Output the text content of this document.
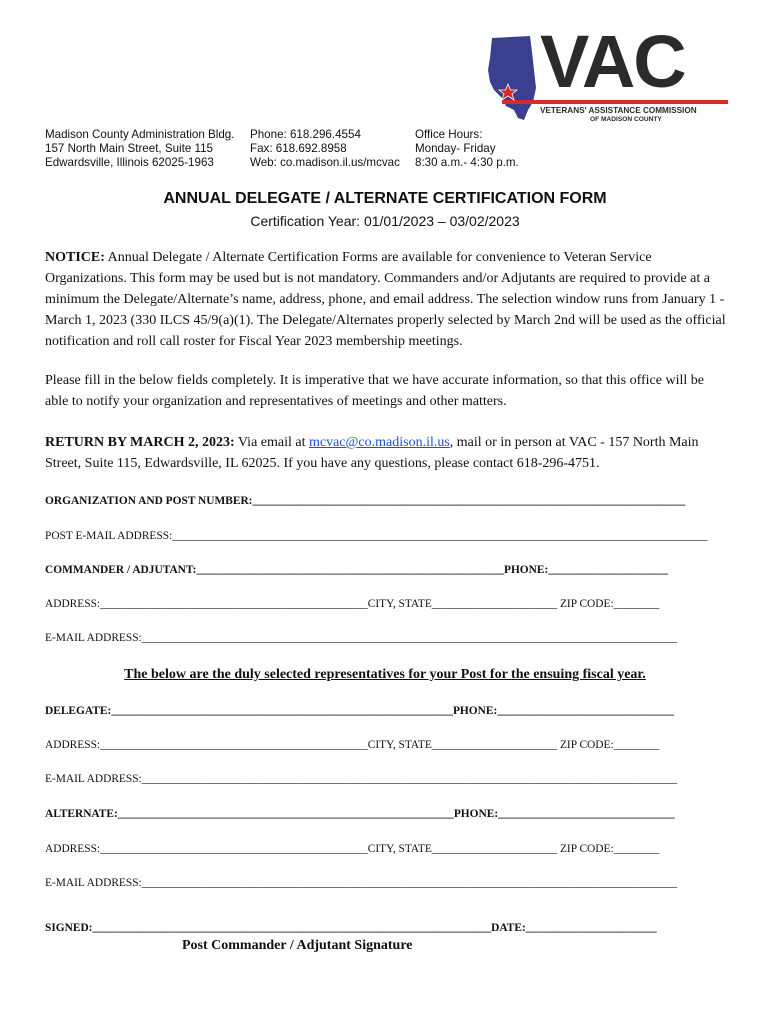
VAC
VETERANS' ASSISTANCE COMMISSION
OF MADISON COUNTY
Madison County Administration Bldg.
157 North Main Street, Suite 115
Edwardsville, Illinois 62025-1963
Phone: 618.296.4554
Fax: 618.692.8958
Web: co.madison.il.us/mcvac
Office Hours:
Monday- Friday
8:30 a.m.- 4:30 p.m.
ANNUAL DELEGATE / ALTERNATE CERTIFICATION FORM
Certification Year: 01/01/2023 – 03/02/2023
NOTICE: Annual Delegate / Alternate Certification Forms are available for convenience to Veteran Service Organizations. This form may be used but is not mandatory. Commanders and/or Adjutants are required to provide at a minimum the Delegate/Alternate’s name, address, phone, and email address. The selection window runs from January 1 - March 1, 2023 (330 ILCS 45/9(a)(1). The Delegate/Alternates properly selected by March 2nd will be used as the official notification and roll call roster for Fiscal Year 2023 membership meetings.
Please fill in the below fields completely. It is imperative that we have accurate information, so that this office will be able to notify your organization and representatives of meetings and other matters.
RETURN BY MARCH 2, 2023: Via email at mcvac@co.madison.il.us, mail or in person at VAC - 157 North Main Street, Suite 115, Edwardsville, IL 62025. If you have any questions, please contact 618-296-4751.
ORGANIZATION AND POST NUMBER:____________________________________________________________________________
POST E-MAIL ADDRESS:______________________________________________________________________________________________
COMMANDER / ADJUTANT:______________________________________________________PHONE:_____________________
ADDRESS:_______________________________________________CITY, STATE______________________ ZIP CODE:________
E-MAIL ADDRESS:______________________________________________________________________________________________
The below are the duly selected representatives for your Post for the ensuing fiscal year.
DELEGATE:____________________________________________________________PHONE:_______________________________
ADDRESS:_______________________________________________CITY, STATE______________________ ZIP CODE:________
E-MAIL ADDRESS:______________________________________________________________________________________________
ALTERNATE:___________________________________________________________PHONE:_______________________________
ADDRESS:_______________________________________________CITY, STATE______________________ ZIP CODE:________
E-MAIL ADDRESS:______________________________________________________________________________________________
SIGNED:______________________________________________________________________DATE:_______________________
Post Commander / Adjutant Signature
